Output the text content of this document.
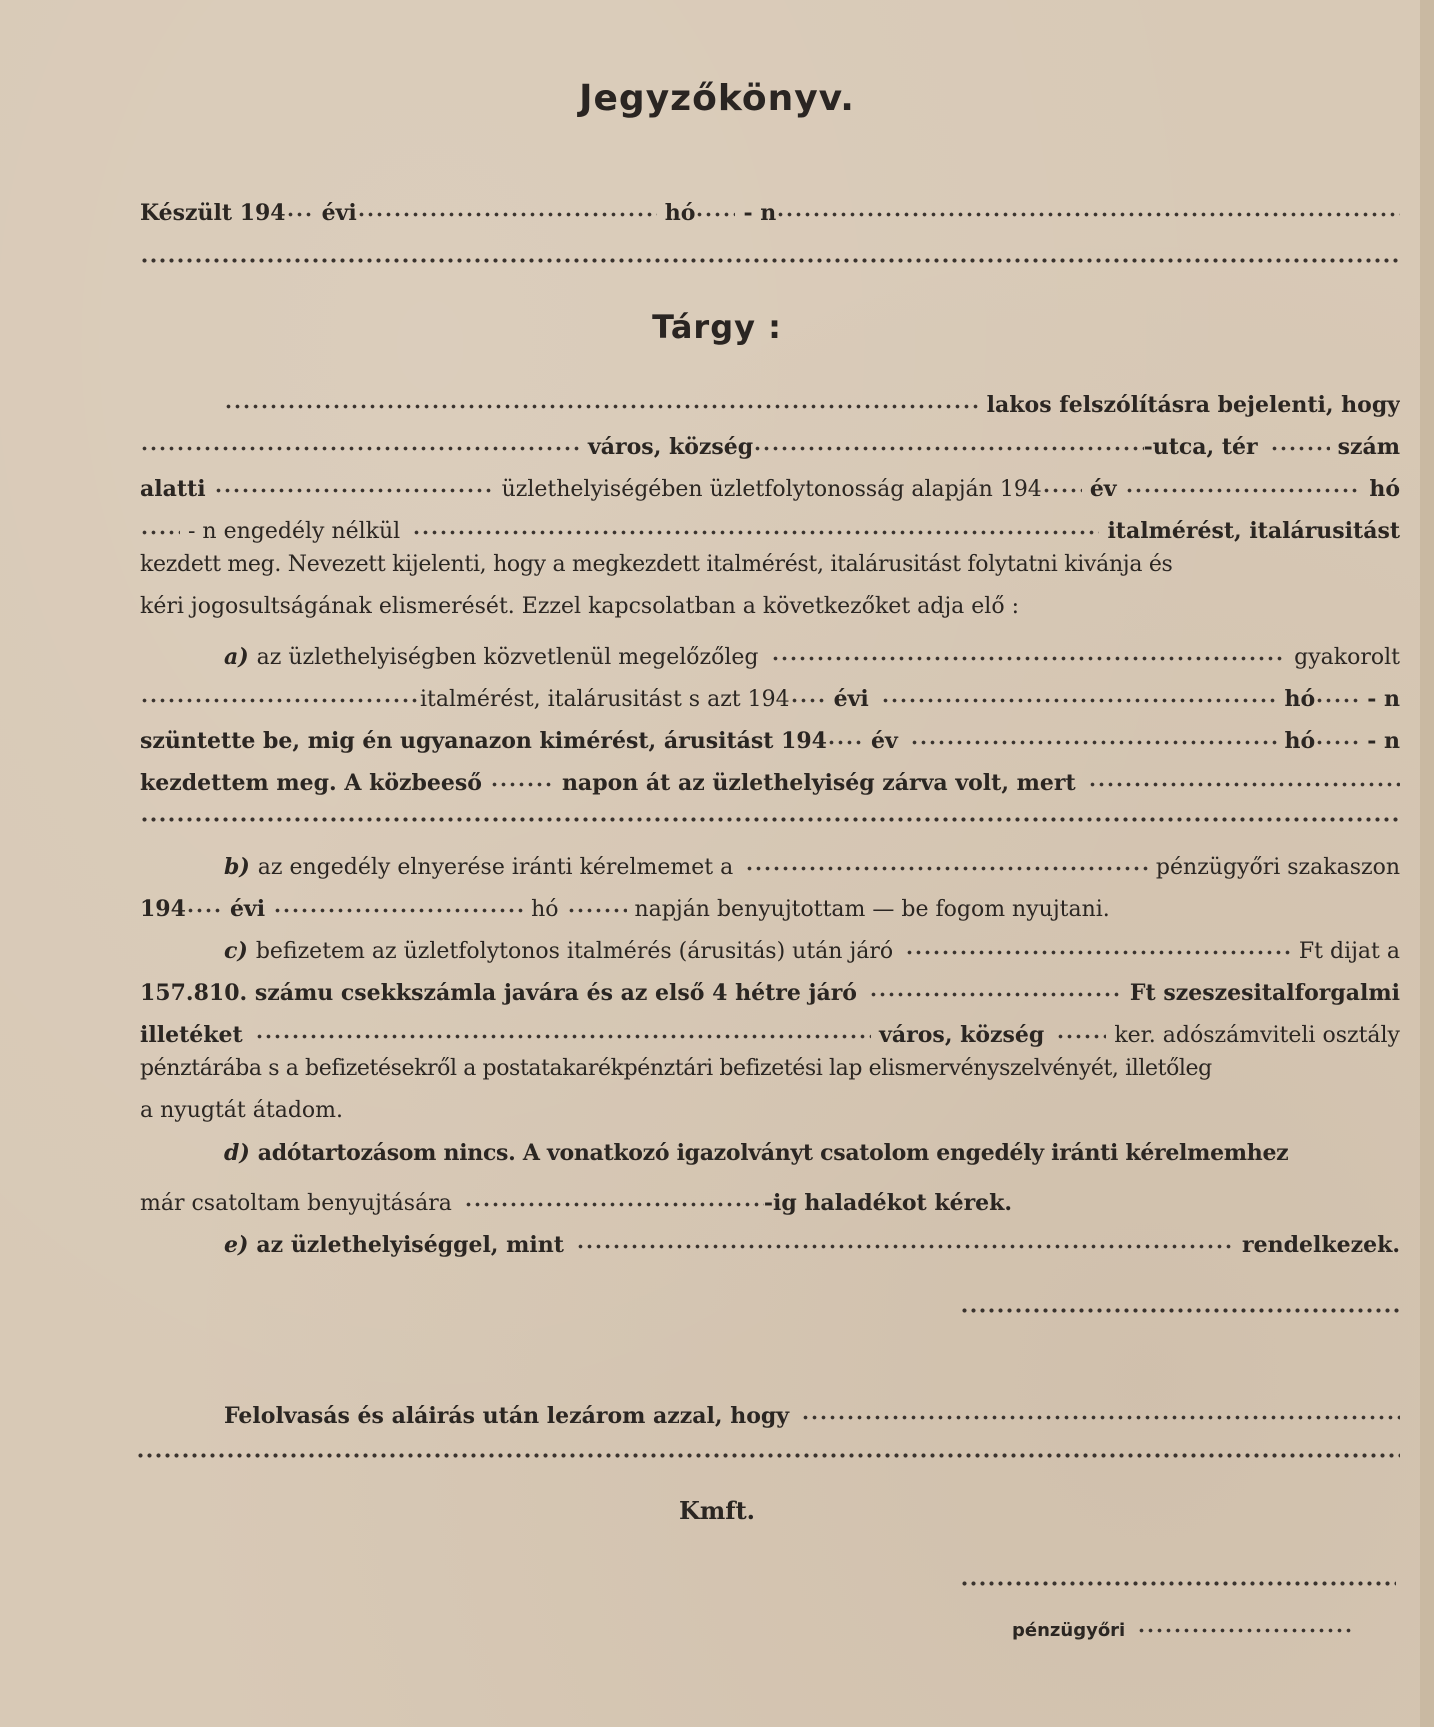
Jegyzőkönyv.
Készült 194 évi	hó - n
Tárgy :
lakos felszólításra bejelenti, hogy
város, község	-utca, tér	szám
alatti	üzlethelyiségében üzletfolytonosság alapján 194 év	hó
- n engedély nélkül	italmérést, italárusitást
kezdett meg. Nevezett kijelenti, hogy a megkezdett italmérést, italárusitást folytatni kivánja és
kéri jogosultságának elismerését. Ezzel kapcsolatban a következőket adja elő :
a) az üzlethelyiségben közvetlenül megelőzőleg	gyakorolt
italmérést, italárusitást s azt 194 évi	hó - n
szüntette be, mig én ugyanazon kimérést, árusitást 194 év	hó - n
kezdettem meg. A közbeeső	napon át az üzlethelyiség zárva volt, mert
b) az engedély elnyerése iránti kérelmemet a	pénzügyőri szakaszon
194 évi	hó	napján benyujtottam — be fogom nyujtani.
c) befizetem az üzletfolytonos italmérés (árusitás) után járó	Ft dijat a
157.810. számu csekkszámla javára és az első 4 hétre járó	Ft szeszesitalforgalmi
illetéket	város, község	ker. adószámviteli osztály
pénztárába s a befizetésekről a postatakarékpénztári befizetési lap elismervényszelvényét, illetőleg
a nyugtát átadom.
d) adótartozásom nincs. A vonatkozó igazolványt csatolom engedély iránti kérelmemhez
már csatoltam benyujtására	-ig haladékot kérek.
e) az üzlethelyiséggel, mint	rendelkezek.
Felolvasás és aláirás után lezárom azzal, hogy
Kmft.
pénzügyőri
